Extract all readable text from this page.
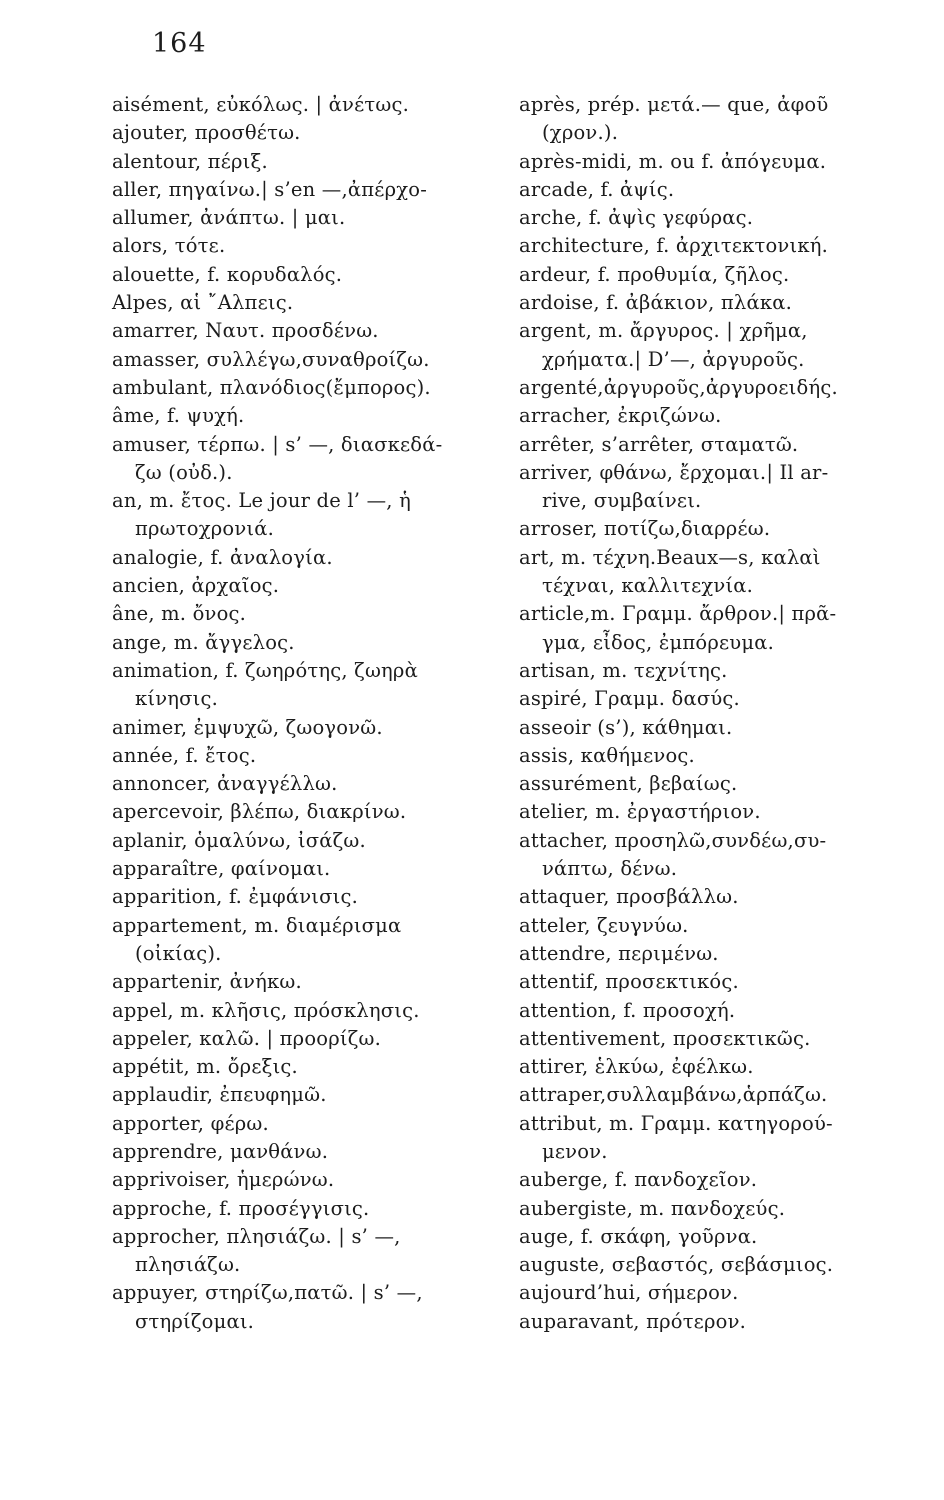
164
aisément, εὐκόλως. | ἀνέτως.
ajouter, προσθέτω.
alentour, πέριξ.
aller, πηγαίνω.| s’en —,ἀπέρχο-
allumer, ἀνάπτω. | μαι.
alors, τότε.
alouette, f. κορυδαλός.
Alpes, αἱ ῎Αλπεις.
amarrer, Ναυτ. προσδένω.
amasser, συλλέγω,συναθροίζω.
ambulant, πλανόδιος(ἔμπορος).
âme, f. ψυχή.
amuser, τέρπω. | s’ —, διασκεδά-
ζω (οὐδ.).
an, m. ἔτος. Le jour de l’ —, ἡ
πρωτοχρονιά.
analogie, f. ἀναλογία.
ancien, ἀρχαῖος.
âne, m. ὄνος.
ange, m. ἄγγελος.
animation, f. ζωηρότης, ζωηρὰ
κίνησις.
animer, ἐμψυχῶ, ζωογονῶ.
année, f. ἔτος.
annoncer, ἀναγγέλλω.
apercevoir, βλέπω, διακρίνω.
aplanir, ὁμαλύνω, ἰσάζω.
apparaître, φαίνομαι.
apparition, f. ἐμφάνισις.
appartement, m. διαμέρισμα
(οἰκίας).
appartenir, ἀνήκω.
appel, m. κλῆσις, πρόσκλησις.
appeler, καλῶ. | προορίζω.
appétit, m. ὄρεξις.
applaudir, ἐπευφημῶ.
apporter, φέρω.
apprendre, μανθάνω.
apprivoiser, ἡμερώνω.
approche, f. προσέγγισις.
approcher, πλησιάζω. | s’ —,
πλησιάζω.
appuyer, στηρίζω,πατῶ. | s’ —,
στηρίζομαι.
après, prép. μετά.— que, ἀφοῦ
(χρον.).
après-midi, m. ou f. ἀπόγευμα.
arcade, f. ἀψίς.
arche, f. ἀψὶς γεφύρας.
architecture, f. ἀρχιτεκτονική.
ardeur, f. προθυμία, ζῆλος.
ardoise, f. ἀβάκιον, πλάκα.
argent, m. ἄργυρος. | χρῆμα,
χρήματα.| D’—, ἀργυροῦς.
argenté,ἀργυροῦς,ἀργυροειδής.
arracher, ἐκριζώνω.
arrêter, s’arrêter, σταματῶ.
arriver, φθάνω, ἔρχομαι.| Il ar-
rive, συμβαίνει.
arroser, ποτίζω,διαρρέω.
art, m. τέχνη.Beaux—s, καλαὶ
τέχναι, καλλιτεχνία.
article,m. Γραμμ. ἄρθρον.| πρᾶ-
γμα, εἶδος, ἐμπόρευμα.
artisan, m. τεχνίτης.
aspiré, Γραμμ. δασύς.
asseoir (s’), κάθημαι.
assis, καθήμενος.
assurément, βεβαίως.
atelier, m. ἐργαστήριον.
attacher, προσηλῶ,συνδέω,συ-
νάπτω, δένω.
attaquer, προσβάλλω.
atteler, ζευγνύω.
attendre, περιμένω.
attentif, προσεκτικός.
attention, f. προσοχή.
attentivement, προσεκτικῶς.
attirer, ἑλκύω, ἐφέλκω.
attraper,συλλαμβάνω,ἁρπάζω.
attribut, m. Γραμμ. κατηγορού-
μενον.
auberge, f. πανδοχεῖον.
aubergiste, m. πανδοχεύς.
auge, f. σκάφη, γοῦρνα.
auguste, σεβαστός, σεβάσμιος.
aujourd’hui, σήμερον.
auparavant, πρότερον.
